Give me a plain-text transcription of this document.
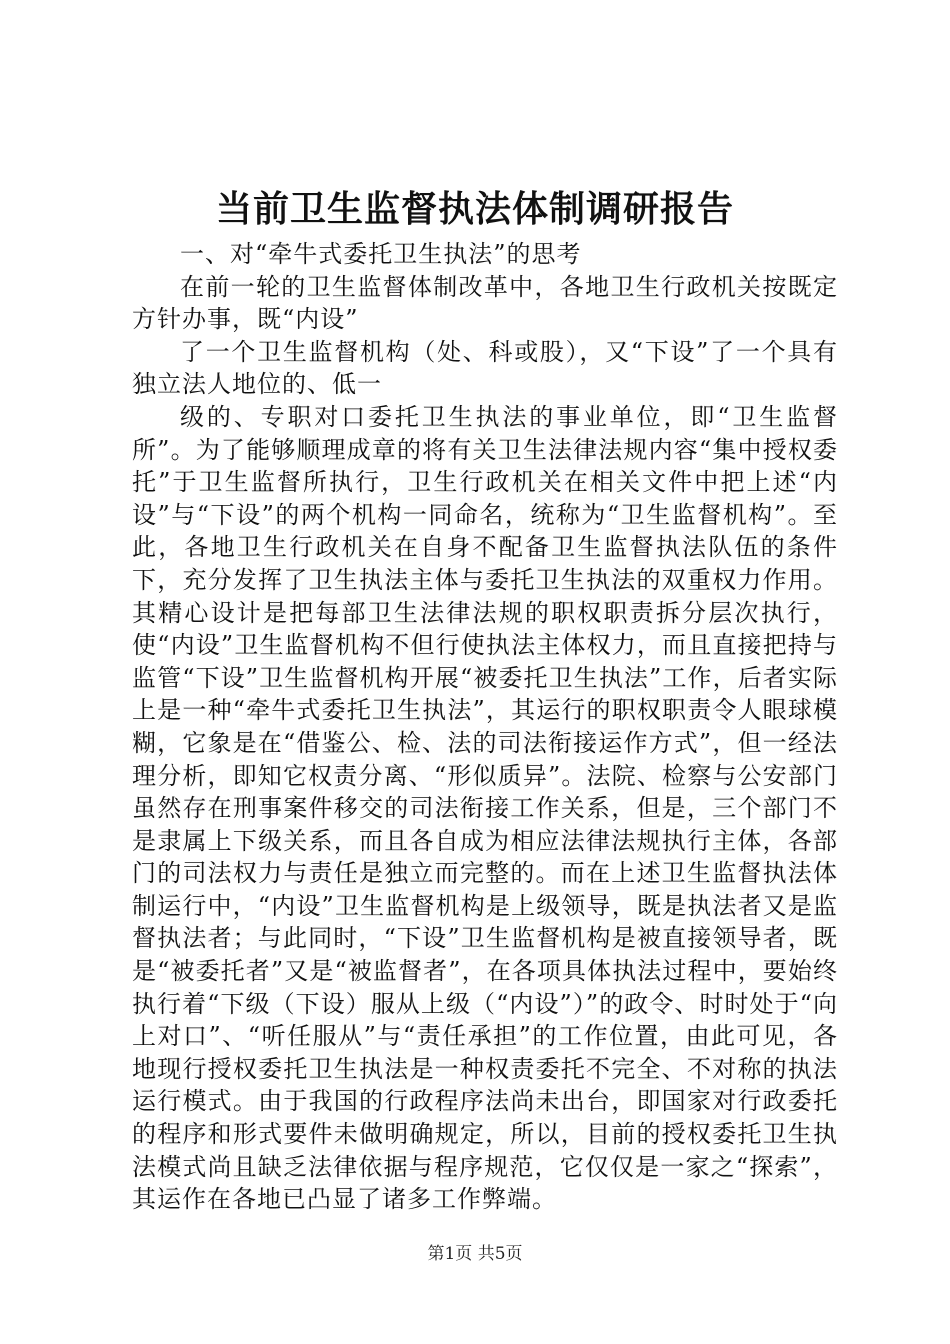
当前卫生监督执法体制调研报告

一、对“牵牛式委托卫生执法”的思考

在前一轮的卫生监督体制改革中，各地卫生行政机关按既定方针办事，既“内设”

了一个卫生监督机构（处、科或股），又“下设”了一个具有独立法人地位的、低一

级的、专职对口委托卫生执法的事业单位，即“卫生监督所”。为了能够顺理成章的将有关卫生法律法规内容“集中授权委托”于卫生监督所执行，卫生行政机关在相关文件中把上述“内设”与“下设”的两个机构一同命名，统称为“卫生监督机构”。至此，各地卫生行政机关在自身不配备卫生监督执法队伍的条件下，充分发挥了卫生执法主体与委托卫生执法的双重权力作用。其精心设计是把每部卫生法律法规的职权职责拆分层次执行，使“内设”卫生监督机构不但行使执法主体权力，而且直接把持与监管“下设”卫生监督机构开展“被委托卫生执法”工作，后者实际上是一种“牵牛式委托卫生执法”，其运行的职权职责令人眼球模糊，它象是在“借鉴公、检、法的司法衔接运作方式”，但一经法理分析，即知它权责分离、“形似质异”。法院、检察与公安部门虽然存在刑事案件移交的司法衔接工作关系，但是，三个部门不是隶属上下级关系，而且各自成为相应法律法规执行主体，各部门的司法权力与责任是独立而完整的。而在上述卫生监督执法体制运行中，“内设”卫生监督机构是上级领导，既是执法者又是监督执法者；与此同时，“下设”卫生监督机构是被直接领导者，既是“被委托者”又是“被监督者”，在各项具体执法过程中，要始终执行着“下级（下设）服从上级（“内设”）”的政令、时时处于“向上对口”、“听任服从”与“责任承担”的工作位置，由此可见，各地现行授权委托卫生执法是一种权责委托不完全、不对称的执法运行模式。由于我国的行政程序法尚未出台，即国家对行政委托的程序和形式要件未做明确规定，所以，目前的授权委托卫生执法模式尚且缺乏法律依据与程序规范，它仅仅是一家之“探索”，其运作在各地已凸显了诸多工作弊端。

第1页 共5页
